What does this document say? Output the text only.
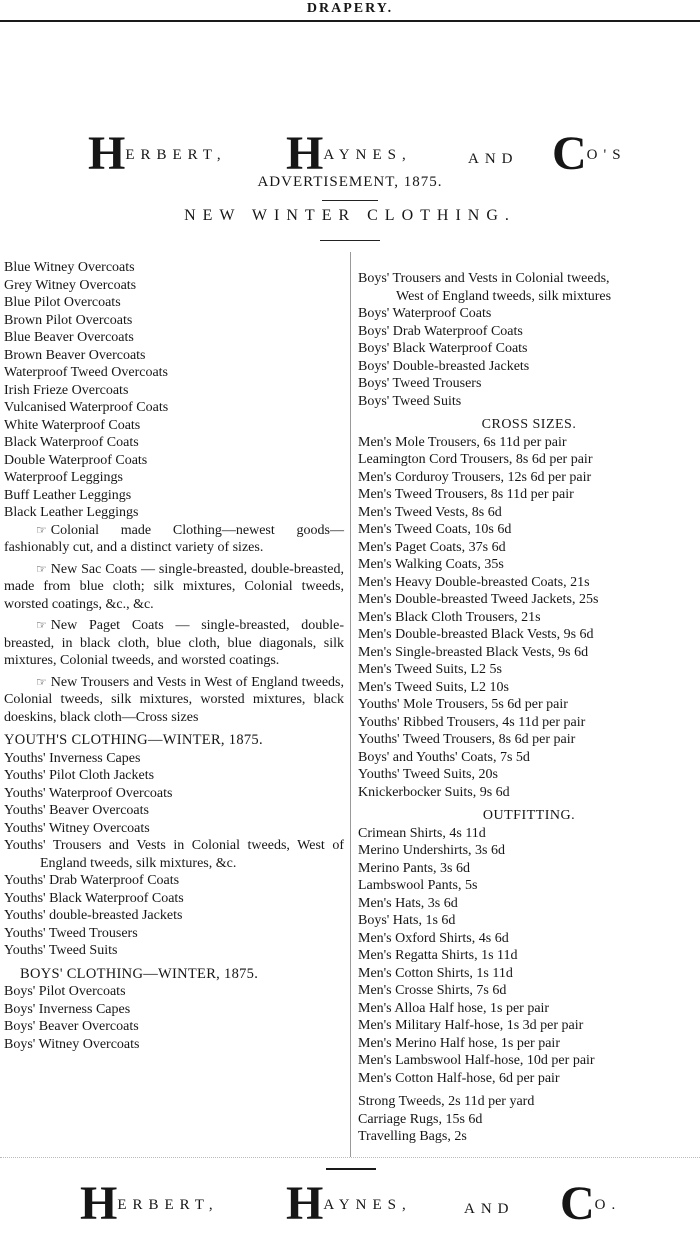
DRAPERY.
HERBERT, HAYNES,	AND CO'S
ADVERTISEMENT, 1875.
NEW WINTER CLOTHING.
Blue Witney Overcoats
Grey Witney Overcoats
Blue Pilot Overcoats
Brown Pilot Overcoats
Blue Beaver Overcoats
Brown Beaver Overcoats
Waterproof Tweed Overcoats
Irish Frieze Overcoats
Vulcanised Waterproof Coats
White Waterproof Coats
Black Waterproof Coats
Double Waterproof Coats
Waterproof Leggings
Buff Leather Leggings
Black Leather Leggings
☞ Colonial made Clothing—newest goods—fashionably cut, and a distinct variety of sizes.
☞ New Sac Coats — single-breasted, double-breasted, made from blue cloth; silk mixtures, Colonial tweeds, worsted coatings, &c., &c.
☞ New Paget Coats — single-breasted, double-breasted, in black cloth, blue cloth, blue diagonals, silk mixtures, Colonial tweeds, and worsted coatings.
☞ New Trousers and Vests in West of England tweeds, Colonial tweeds, silk mixtures, worsted mixtures, black doeskins, black cloth—Cross sizes
YOUTH'S CLOTHING—WINTER, 1875.
Youths' Inverness Capes
Youths' Pilot Cloth Jackets
Youths' Waterproof Overcoats
Youths' Beaver Overcoats
Youths' Witney Overcoats
Youths' Trousers and Vests in Colonial tweeds, West of England tweeds, silk mixtures, &c.
Youths' Drab Waterproof Coats
Youths' Black Waterproof Coats
Youths' double-breasted Jackets
Youths' Tweed Trousers
Youths' Tweed Suits
BOYS' CLOTHING—WINTER, 1875.
Boys' Pilot Overcoats
Boys' Inverness Capes
Boys' Beaver Overcoats
Boys' Witney Overcoats
Boys' Trousers and Vests in Colonial tweeds,
West of England tweeds, silk mixtures
Boys' Waterproof Coats
Boys' Drab Waterproof Coats
Boys' Black Waterproof Coats
Boys' Double-breasted Jackets
Boys' Tweed Trousers
Boys' Tweed Suits
CROSS SIZES.
Men's Mole Trousers, 6s 11d per pair
Leamington Cord Trousers, 8s 6d per pair
Men's Corduroy Trousers, 12s 6d per pair
Men's Tweed Trousers, 8s 11d per pair
Men's Tweed Vests, 8s 6d
Men's Tweed Coats, 10s 6d
Men's Paget Coats, 37s 6d
Men's Walking Coats, 35s
Men's Heavy Double-breasted Coats, 21s
Men's Double-breasted Tweed Jackets, 25s
Men's Black Cloth Trousers, 21s
Men's Double-breasted Black Vests, 9s 6d
Men's Single-breasted Black Vests, 9s 6d
Men's Tweed Suits, L2 5s
Men's Tweed Suits, L2 10s
Youths' Mole Trousers, 5s 6d per pair
Youths' Ribbed Trousers, 4s 11d per pair
Youths' Tweed Trousers, 8s 6d per pair
Boys' and Youths' Coats, 7s 5d
Youths' Tweed Suits, 20s
Knickerbocker Suits, 9s 6d
OUTFITTING.
Crimean Shirts, 4s 11d
Merino Undershirts, 3s 6d
Merino Pants, 3s 6d
Lambswool Pants, 5s
Men's Hats, 3s 6d
Boys' Hats, 1s 6d
Men's Oxford Shirts, 4s 6d
Men's Regatta Shirts, 1s 11d
Men's Cotton Shirts, 1s 11d
Men's Crosse Shirts, 7s 6d
Men's Alloa Half hose, 1s per pair
Men's Military Half-hose, 1s 3d per pair
Men's Merino Half hose, 1s per pair
Men's Lambswool Half-hose, 10d per pair
Men's Cotton Half-hose, 6d per pair
Strong Tweeds, 2s 11d per yard
Carriage Rugs, 15s 6d
Travelling Bags, 2s
HERBERT, HAYNES,	AND CO.
